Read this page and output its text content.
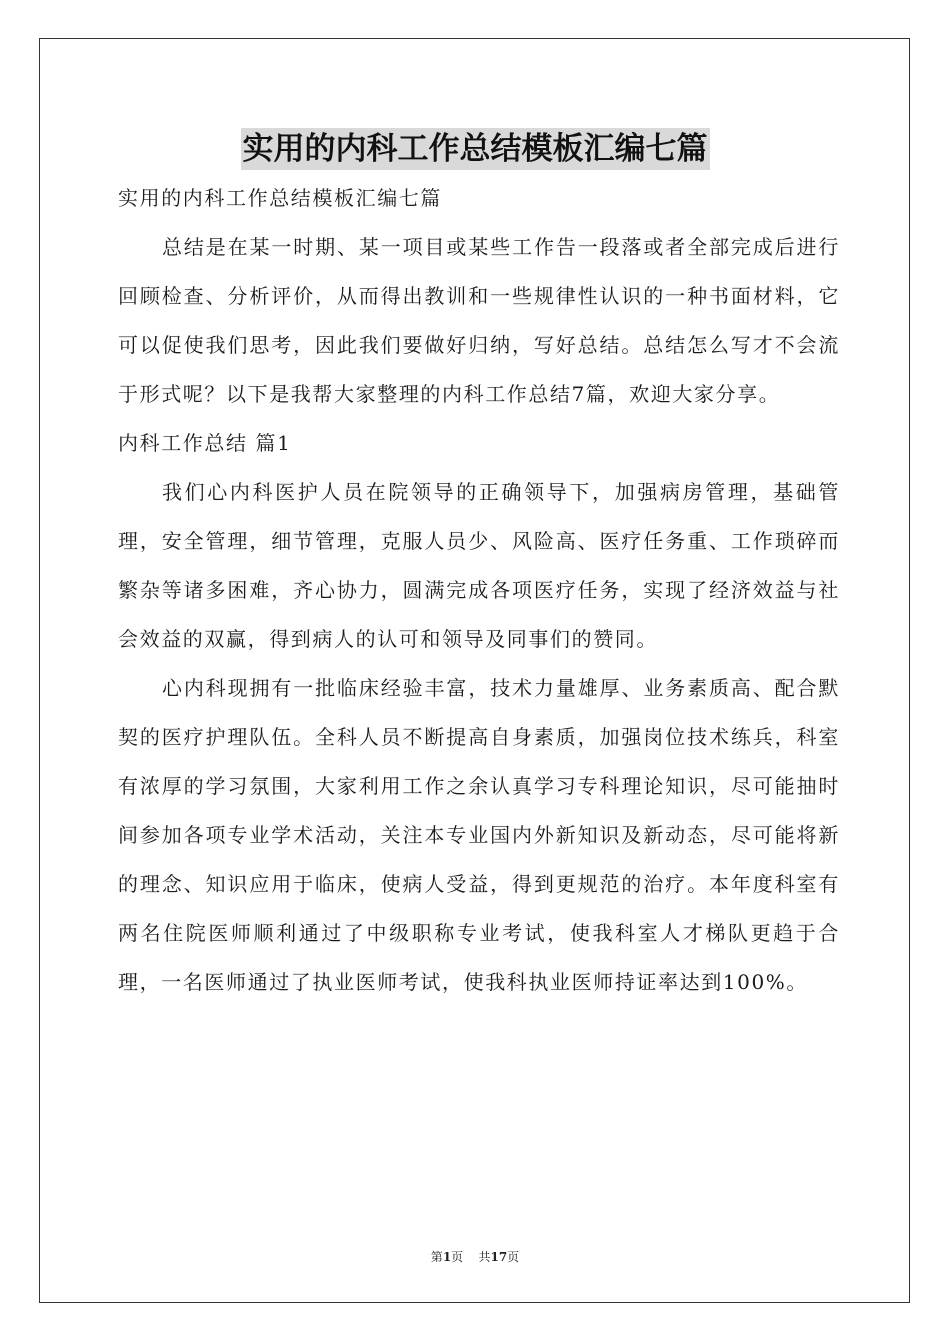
实用的内科工作总结模板汇编七篇

实用的内科工作总结模板汇编七篇

总结是在某一时期、某一项目或某些工作告一段落或者全部完成后进行回顾检查、分析评价，从而得出教训和一些规律性认识的一种书面材料，它可以促使我们思考，因此我们要做好归纳，写好总结。总结怎么写才不会流于形式呢？以下是我帮大家整理的内科工作总结7篇，欢迎大家分享。

内科工作总结 篇1

我们心内科医护人员在院领导的正确领导下，加强病房管理，基础管理，安全管理，细节管理，克服人员少、风险高、医疗任务重、工作琐碎而繁杂等诸多困难，齐心协力，圆满完成各项医疗任务，实现了经济效益与社会效益的双赢，得到病人的认可和领导及同事们的赞同。

心内科现拥有一批临床经验丰富，技术力量雄厚、业务素质高、配合默契的医疗护理队伍。全科人员不断提高自身素质，加强岗位技术练兵，科室有浓厚的学习氛围，大家利用工作之余认真学习专科理论知识，尽可能抽时间参加各项专业学术活动，关注本专业国内外新知识及新动态，尽可能将新的理念、知识应用于临床，使病人受益，得到更规范的治疗。本年度科室有两名住院医师顺利通过了中级职称专业考试，使我科室人才梯队更趋于合理，一名医师通过了执业医师考试，使我科执业医师持证率达到100%。

第1页 共17页
